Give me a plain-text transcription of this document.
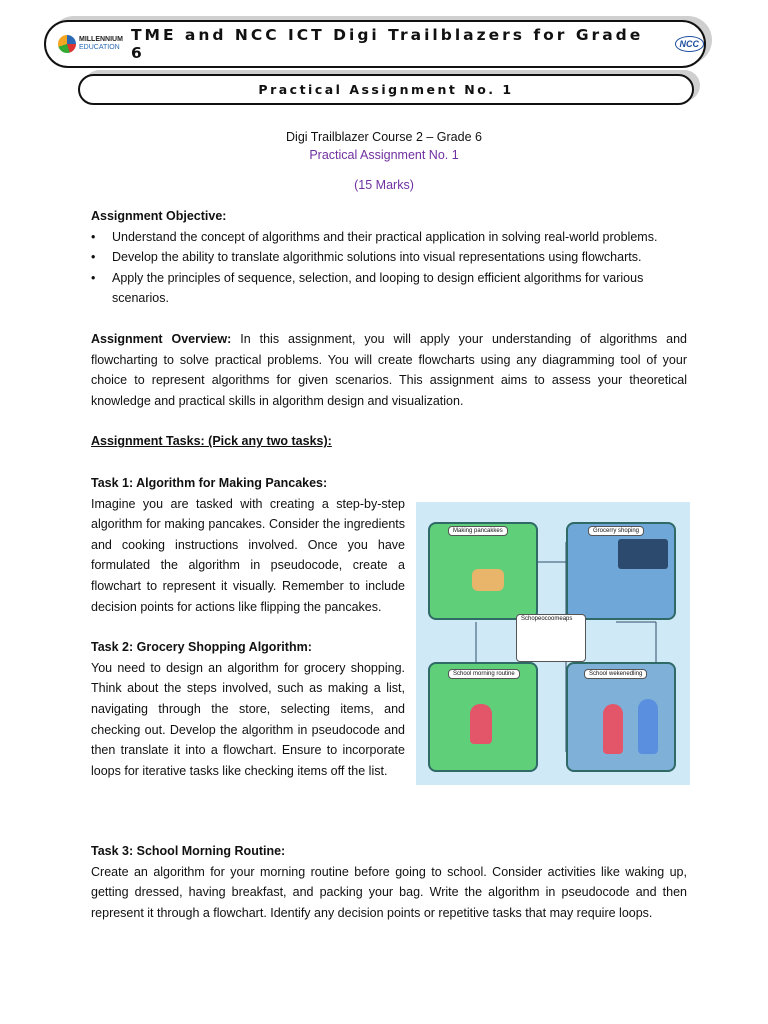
MILLENNIUM
EDUCATION
TME and NCC ICT Digi Trailblazers for Grade 6	NCC
Practical Assignment No. 1
Digi Trailblazer Course 2 – Grade 6
Practical Assignment No. 1
(15 Marks)

Assignment Objective:

• Understand the concept of algorithms and their practical application in solving real-world problems.
• Develop the ability to translate algorithmic solutions into visual representations using flowcharts.
• Apply the principles of sequence, selection, and looping to design efficient algorithms for various scenarios.

Assignment Overview: In this assignment, you will apply your understanding of algorithms and flowcharting to solve practical problems. You will create flowcharts using any diagramming tool of your choice to represent algorithms for given scenarios. This assignment aims to assess your theoretical knowledge and practical skills in algorithm design and visualization.

Assignment Tasks: (Pick any two tasks):

Task 1: Algorithm for Making Pancakes:

Imagine you are tasked with creating a step-by-step algorithm for making pancakes. Consider the ingredients and cooking instructions involved. Once you have formulated the algorithm in pseudocode, create a flowchart to represent it visually. Remember to include decision points for actions like flipping the pancakes.

Task 2: Grocery Shopping Algorithm:

You need to design an algorithm for grocery shopping. Think about the steps involved, such as making a list, navigating through the store, selecting items, and checking out. Develop the algorithm in pseudocode and then translate it into a flowchart. Ensure to incorporate loops for iterative tasks like checking items off the list.

Task 3: School Morning Routine:

Create an algorithm for your morning routine before going to school. Consider activities like waking up, getting dressed, having breakfast, and packing your bag. Write the algorithm in pseudocode and then represent it through a flowchart. Identify any decision points or repetitive tasks that may require loops.

Making pancakkes	Grocerry shoping
School morning routine	School wekenedling
Schopeocoomeaps
